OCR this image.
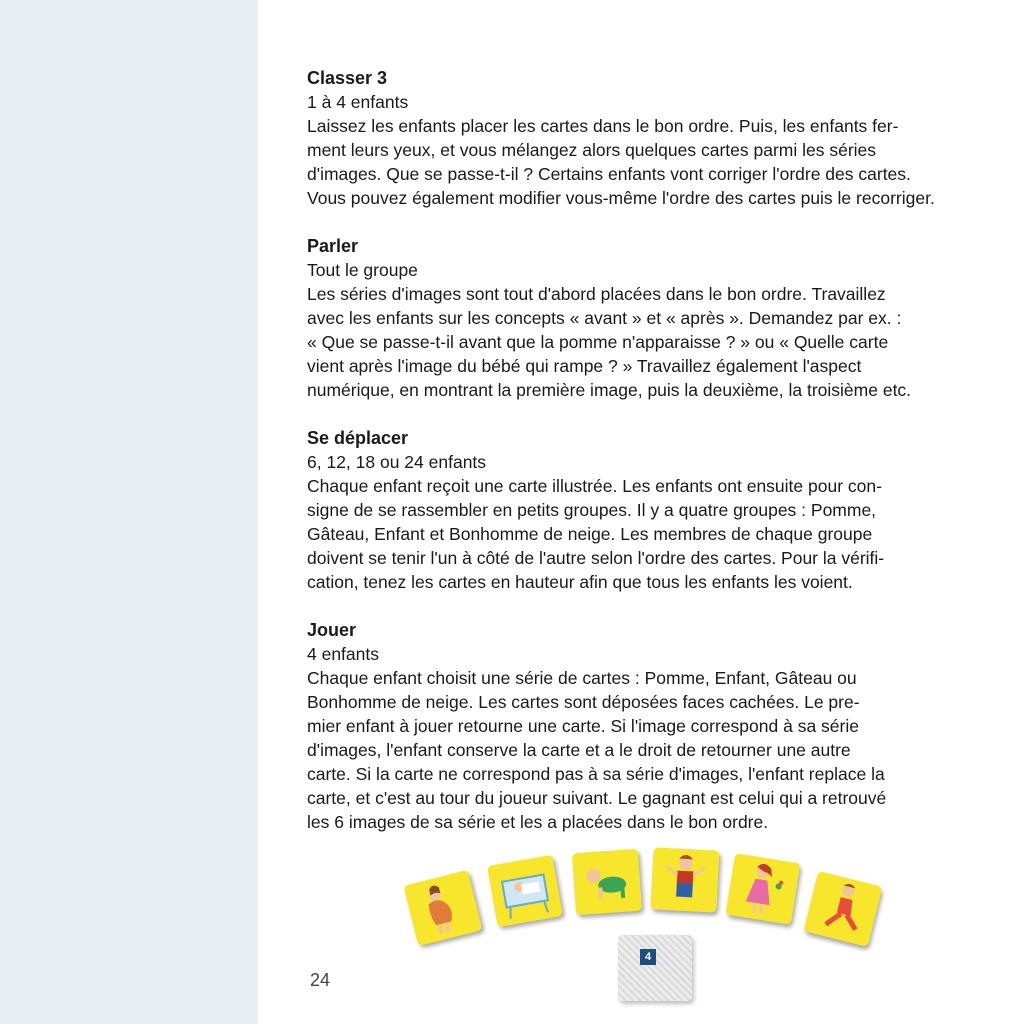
Classer 3

1 à 4 enfants

Laissez les enfants placer les cartes dans le bon ordre. Puis, les enfants fer-
ment leurs yeux, et vous mélangez alors quelques cartes parmi les séries
d'images. Que se passe-t-il ? Certains enfants vont corriger l'ordre des cartes.
Vous pouvez également modifier vous-même l'ordre des cartes puis le recorriger.

Parler

Tout le groupe

Les séries d'images sont tout d'abord placées dans le bon ordre. Travaillez
avec les enfants sur les concepts « avant » et « après ». Demandez par ex. :
« Que se passe-t-il avant que la pomme n'apparaisse ? » ou « Quelle carte
vient après l'image du bébé qui rampe ? » Travaillez également l'aspect
numérique, en montrant la première image, puis la deuxième, la troisième etc.

Se déplacer

6, 12, 18 ou 24 enfants

Chaque enfant reçoit une carte illustrée. Les enfants ont ensuite pour con-
signe de se rassembler en petits groupes. Il y a quatre groupes : Pomme,
Gâteau, Enfant et Bonhomme de neige. Les membres de chaque groupe
doivent se tenir l'un à côté de l'autre selon l'ordre des cartes. Pour la vérifi-
cation, tenez les cartes en hauteur afin que tous les enfants les voient.

Jouer

4 enfants

Chaque enfant choisit une série de cartes : Pomme, Enfant, Gâteau ou
Bonhomme de neige. Les cartes sont déposées faces cachées. Le pre-
mier enfant à jouer retourne une carte. Si l'image correspond à sa série
d'images, l'enfant conserve la carte et a le droit de retourner une autre
carte. Si la carte ne correspond pas à sa série d'images, l'enfant replace la
carte, et c'est au tour du joueur suivant. Le gagnant est celui qui a retrouvé
les 6 images de sa série et les a placées dans le bon ordre.

4
24
